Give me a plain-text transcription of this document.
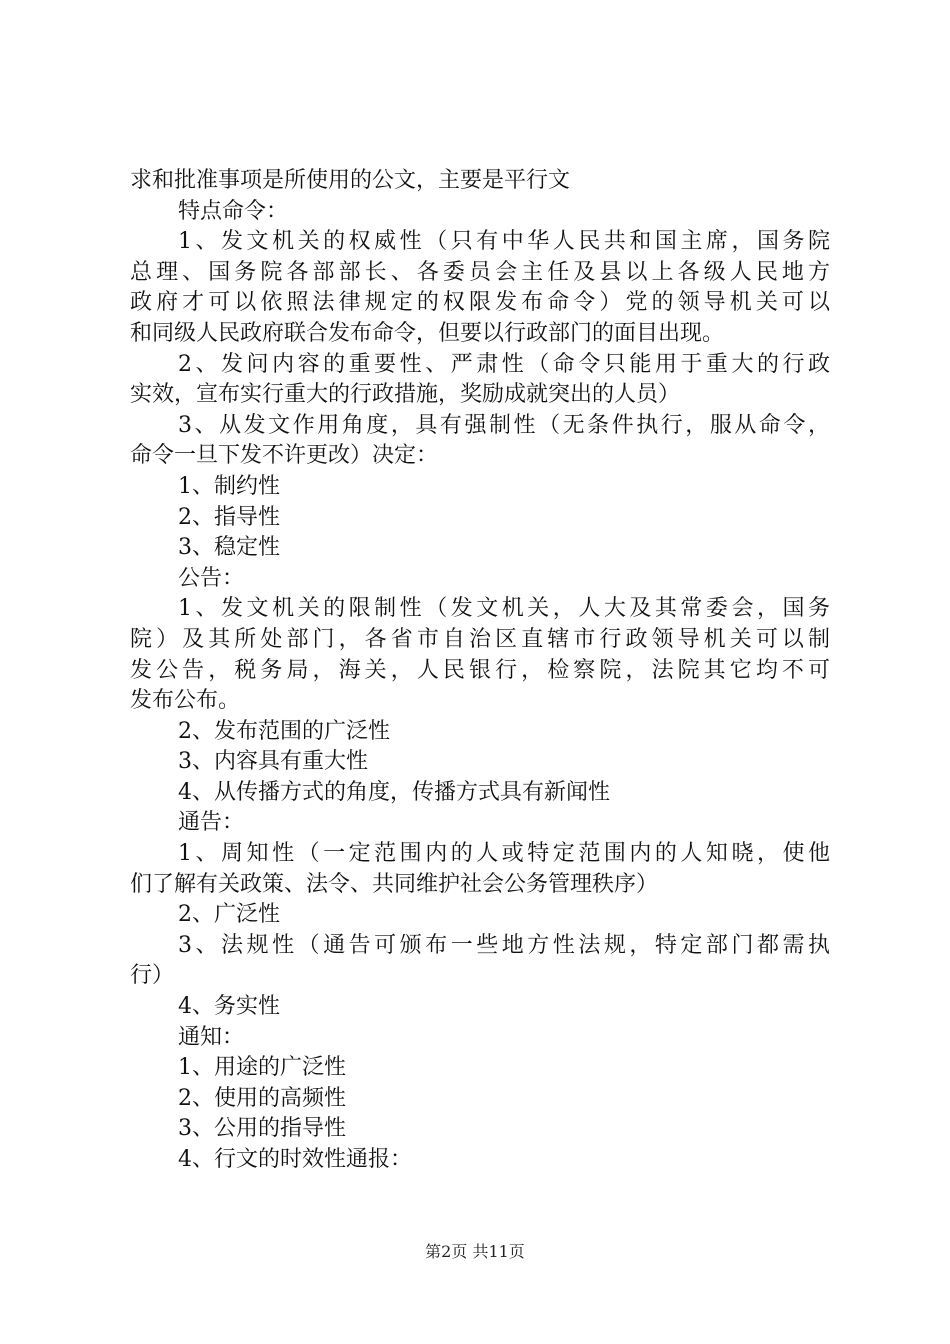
求和批准事项是所使用的公文，主要是平行文

特点命令：

1、发文机关的权威性（只有中华人民共和国主席，国务院

总理、国务院各部部长、各委员会主任及县以上各级人民地方

政府才可以依照法律规定的权限发布命令）党的领导机关可以

和同级人民政府联合发布命令，但要以行政部门的面目出现。

2、发问内容的重要性、严肃性（命令只能用于重大的行政

实效，宣布实行重大的行政措施，奖励成就突出的人员）

3、从发文作用角度，具有强制性（无条件执行，服从命令，

命令一旦下发不许更改）决定：

1、制约性

2、指导性

3、稳定性

公告：

1、发文机关的限制性（发文机关，人大及其常委会，国务

院）及其所处部门，各省市自治区直辖市行政领导机关可以制

发公告，税务局，海关，人民银行，检察院，法院其它均不可

发布公布。

2、发布范围的广泛性

3、内容具有重大性

4、从传播方式的角度，传播方式具有新闻性

通告：

1、周知性（一定范围内的人或特定范围内的人知晓，使他

们了解有关政策、法令、共同维护社会公务管理秩序）

2、广泛性

3、法规性（通告可颁布一些地方性法规，特定部门都需执

行）

4、务实性

通知：

1、用途的广泛性

2、使用的高频性

3、公用的指导性

4、行文的时效性通报：

第2页 共11页
